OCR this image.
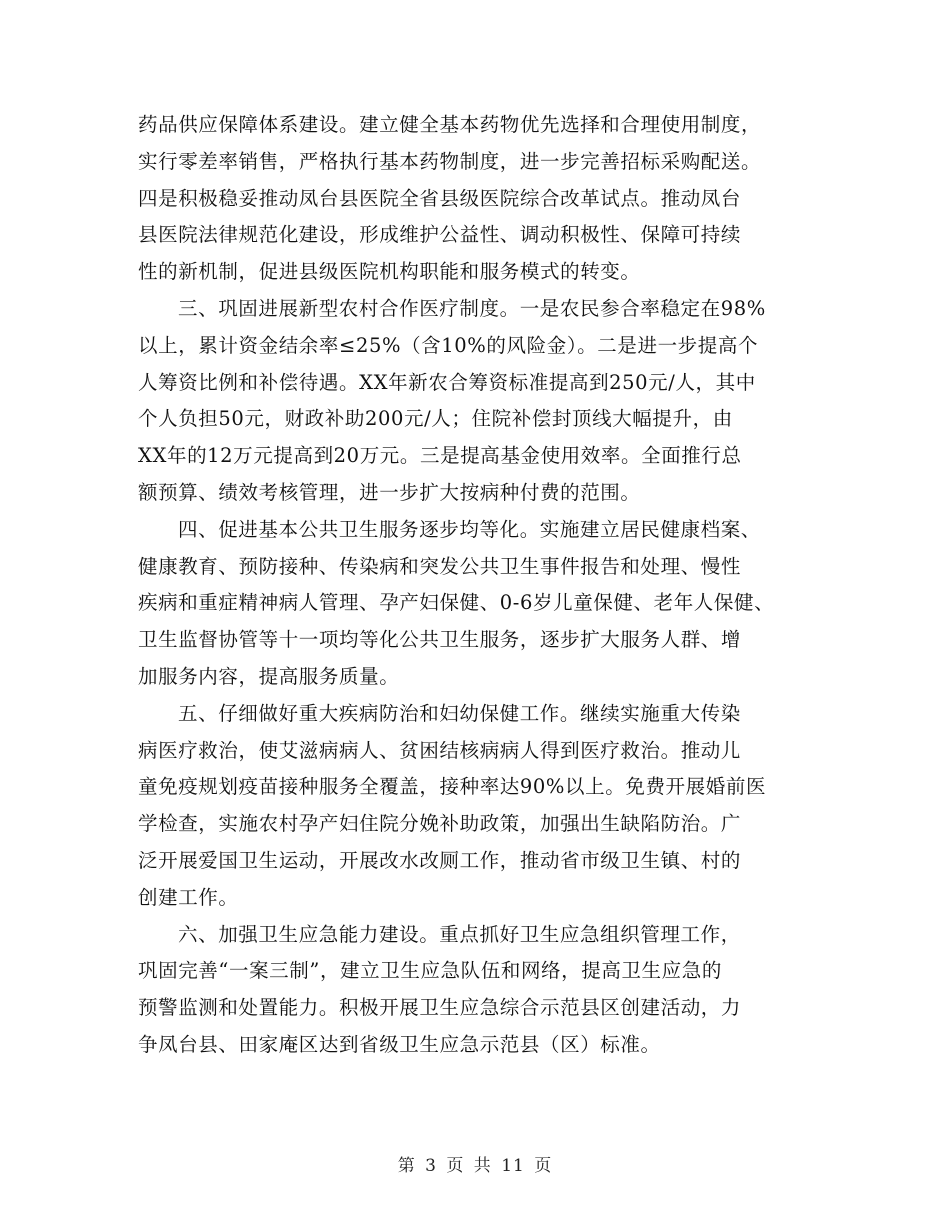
药品供应保障体系建设。建立健全基本药物优先选择和合理使用制度，
实行零差率销售，严格执行基本药物制度，进一步完善招标采购配送。
四是积极稳妥推动凤台县医院全省县级医院综合改革试点。推动凤台
县医院法律规范化建设，形成维护公益性、调动积极性、保障可持续
性的新机制，促进县级医院机构职能和服务模式的转变。
三、巩固进展新型农村合作医疗制度。一是农民参合率稳定在98%
以上，累计资金结余率≤25%（含10%的风险金）。二是进一步提高个
人筹资比例和补偿待遇。XX年新农合筹资标准提高到250元/人，其中
个人负担50元，财政补助200元/人；住院补偿封顶线大幅提升，由
XX年的12万元提高到20万元。三是提高基金使用效率。全面推行总
额预算、绩效考核管理，进一步扩大按病种付费的范围。
四、促进基本公共卫生服务逐步均等化。实施建立居民健康档案、
健康教育、预防接种、传染病和突发公共卫生事件报告和处理、慢性
疾病和重症精神病人管理、孕产妇保健、0-6岁儿童保健、老年人保健、
卫生监督协管等十一项均等化公共卫生服务，逐步扩大服务人群、增
加服务内容，提高服务质量。
五、仔细做好重大疾病防治和妇幼保健工作。继续实施重大传染
病医疗救治，使艾滋病病人、贫困结核病病人得到医疗救治。推动儿
童免疫规划疫苗接种服务全覆盖，接种率达90%以上。免费开展婚前医
学检查，实施农村孕产妇住院分娩补助政策，加强出生缺陷防治。广
泛开展爱国卫生运动，开展改水改厕工作，推动省市级卫生镇、村的
创建工作。
六、加强卫生应急能力建设。重点抓好卫生应急组织管理工作，
巩固完善“一案三制”，建立卫生应急队伍和网络，提高卫生应急的
预警监测和处置能力。积极开展卫生应急综合示范县区创建活动，力
争凤台县、田家庵区达到省级卫生应急示范县（区）标准。
第 3 页 共 11 页
